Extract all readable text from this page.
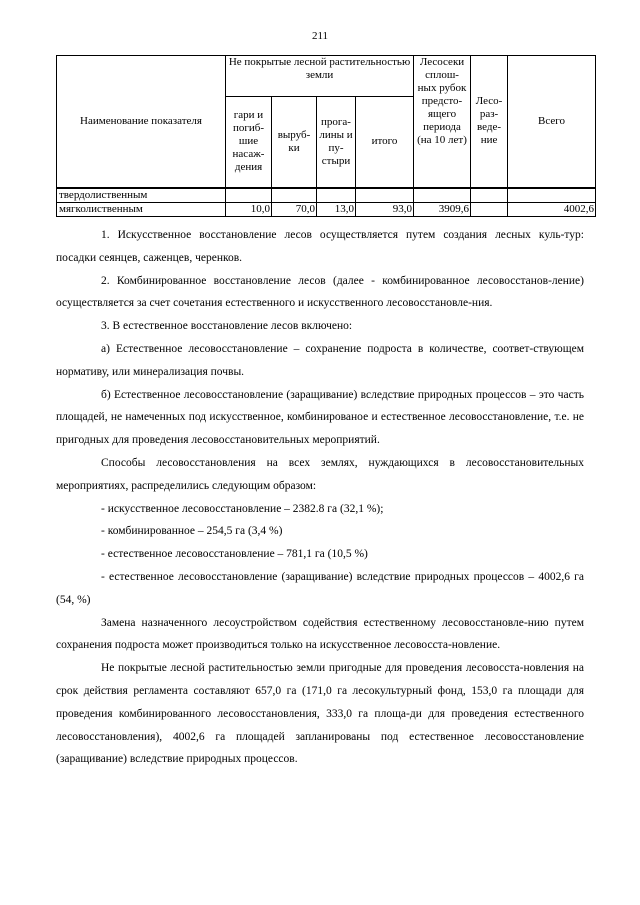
211
Наименование показателя	Не покрытые лесной растительностью земли				Лесосеки сплош-ных рубок предсто-ящего периода (на 10 лет)	Лесо-раз-веде-ние	Всего
	гари и погиб-шие насаж-дения	выруб-ки	прога-лины и пу-стыри	итого			
твердолиственным							
мягколиственным	10,0	70,0	13,0	93,0	3909,6		4002,6

1. Искусственное восстановление лесов осуществляется путем создания лесных куль-тур: посадки сеянцев, саженцев, черенков.

2. Комбинированное восстановление лесов (далее - комбинированное лесовосстанов-ление) осуществляется за счет сочетания естественного и искусственного лесовосстановле-ния.

3. В естественное восстановление лесов включено:

а) Естественное лесовосстановление – сохранение подроста в количестве, соответ-ствующем нормативу, или минерализация почвы.

б) Естественное лесовосстановление (заращивание) вследствие природных процессов – это часть площадей, не намеченных под искусственное, комбинированое и естественное лесовосстановление, т.е. не пригодных для проведения лесовосстановительных мероприятий.

Способы лесовосстановления на всех землях, нуждающихся в лесовосстановительных мероприятиях, распределились следующим образом:

- искусственное лесовосстановление – 2382.8 га (32,1 %);

- комбинированное – 254,5 га (3,4 %)

- естественное лесовосстановление – 781,1 га (10,5 %)

- естественное лесовосстановление (заращивание) вследствие природных процессов – 4002,6 га (54, %)

Замена назначенного лесоустройством содействия естественному лесовосстановле-нию путем сохранения подроста может производиться только на искусственное лесовосста-новление.

Не покрытые лесной растительностью земли пригодные для проведения лесовосста-новления на срок действия регламента составляют 657,0 га (171,0 га лесокультурный фонд, 153,0 га площади для проведения комбинированного лесовосстановления, 333,0 га площа-ди для проведения естественного лесовосстановления), 4002,6 га площадей запланированы под естественное лесовосстановление (заращивание) вследствие природных процессов.
